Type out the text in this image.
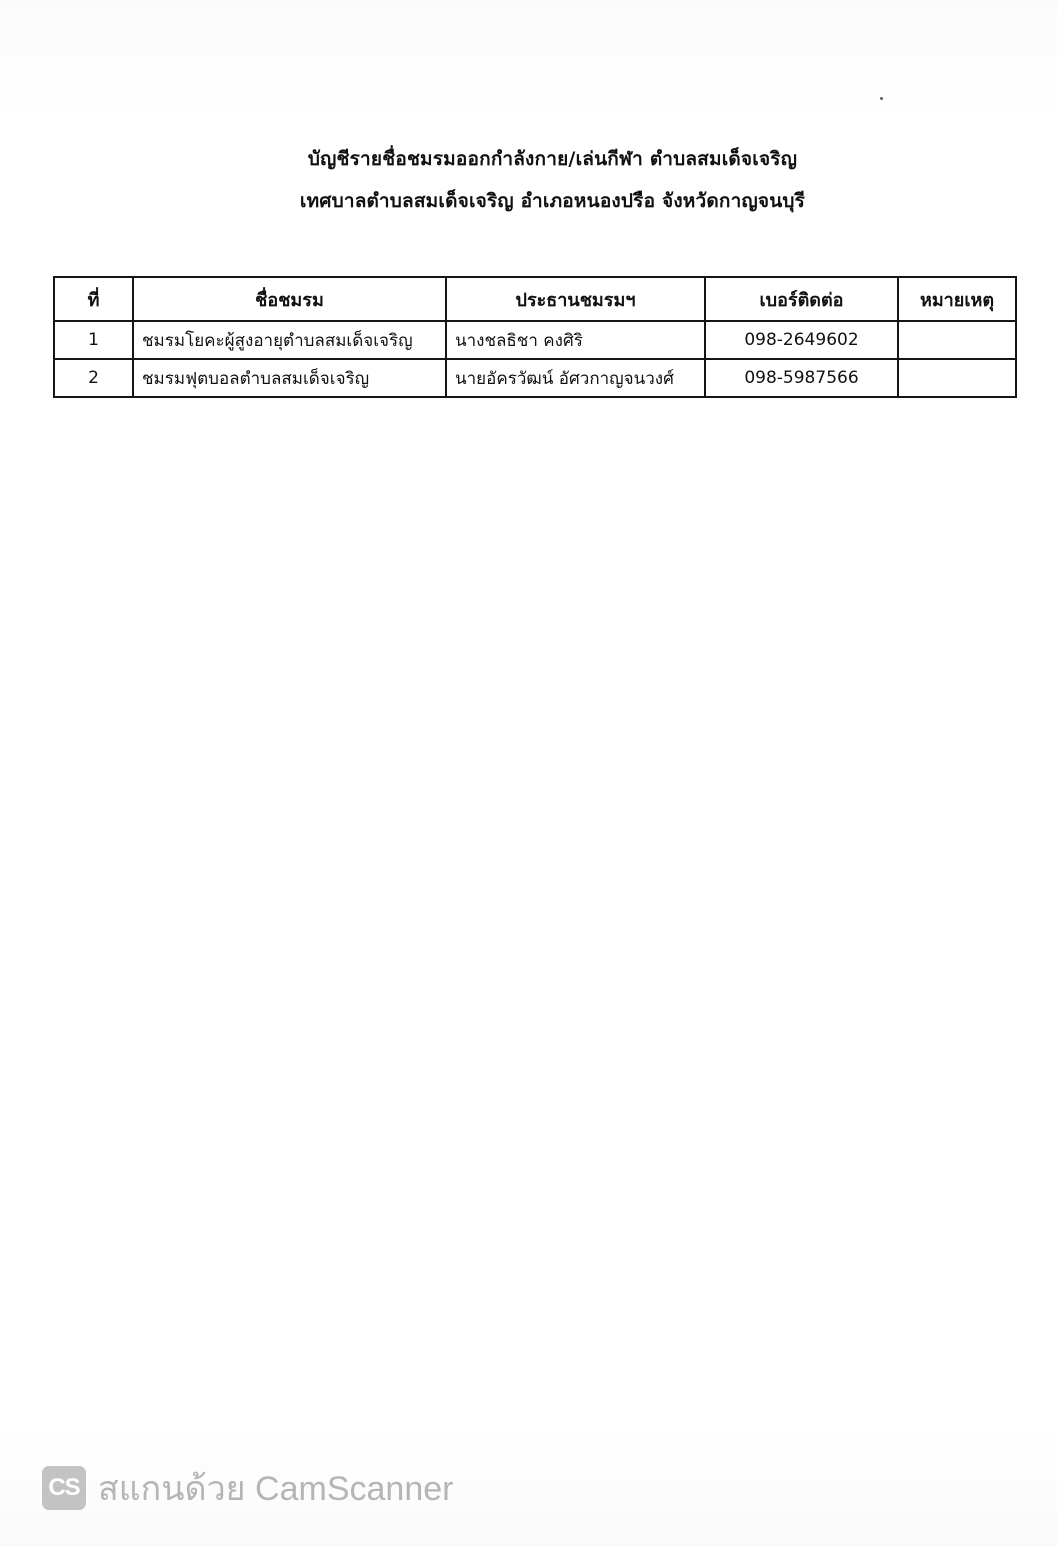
บัญชีรายชื่อชมรมออกกำลังกาย/เล่นกีฬา ตำบลสมเด็จเจริญ
เทศบาลตำบลสมเด็จเจริญ อำเภอหนองปรือ จังหวัดกาญจนบุรี
ที่	ชื่อชมรม	ประธานชมรมฯ	เบอร์ติดต่อ	หมายเหตุ
1	ชมรมโยคะผู้สูงอายุตำบลสมเด็จเจริญ	นางชลธิชา คงศิริ	098-2649602	
2	ชมรมฟุตบอลตำบลสมเด็จเจริญ	นายอัครวัฒน์ อัศวกาญจนวงศ์	098-5987566	
CS สแกนด้วย CamScanner
